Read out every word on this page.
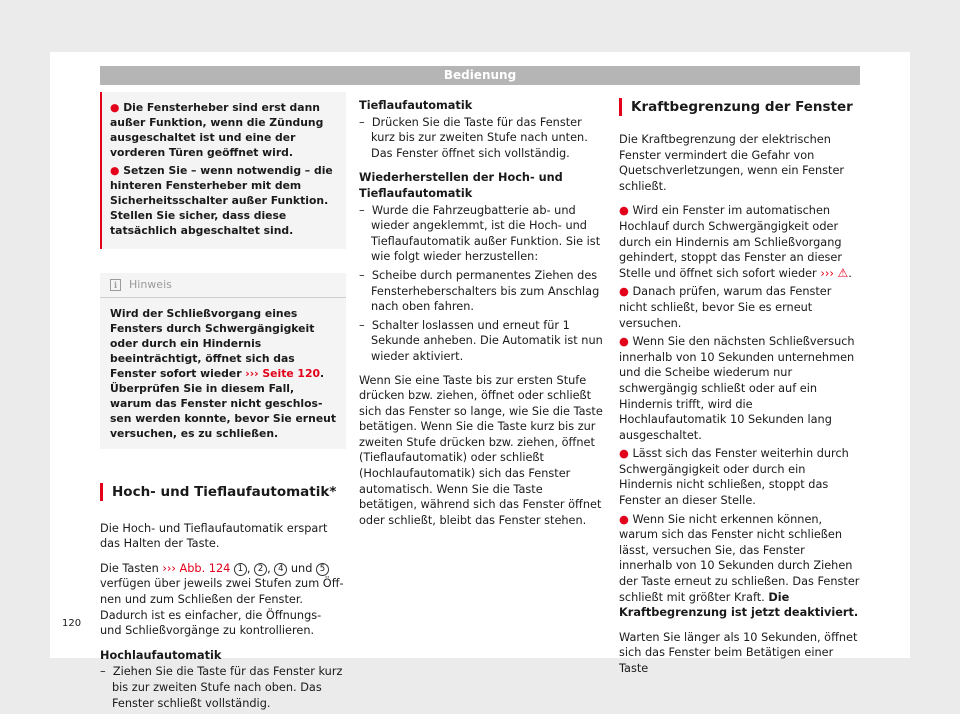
Bedienung
● Die Fensterheber sind erst dann außer Funktion, wenn die Zündung ausgeschaltet ist und eine der vorderen Türen geöffnet wird.
● Setzen Sie – wenn notwendig – die hinteren Fensterheber mit dem Sicherheitsschalter außer Funktion. Stellen Sie sicher, dass diese tatsächlich abgeschaltet sind.
i	Hinweis
Wird der Schließvorgang eines Fensters durch Schwergängigkeit oder durch ein Hindernis beeinträchtigt, öffnet sich das Fenster sofort wieder ››› Seite 120. Überprüfen Sie in diesem Fall, warum das Fenster nicht geschlossen werden konnte, bevor Sie erneut versuchen, es zu schließen.
Hoch- und Tieflaufautomatik*

Die Hoch- und Tieflaufautomatik erspart das Halten der Taste.

Die Tasten ››› Abb. 124 1 , 2 , 4 und 5 verfügen über jeweils zwei Stufen zum Öffnen und zum Schließen der Fenster. Dadurch ist es einfacher, die Öffnungs- und Schließvorgänge zu kontrollieren.

Hochlaufautomatik
–  Ziehen Sie die Taste für das Fenster kurz bis zur zweiten Stufe nach oben. Das Fenster schließt vollständig.
Tieflaufautomatik
–  Drücken Sie die Taste für das Fenster kurz bis zur zweiten Stufe nach unten. Das Fenster öffnet sich vollständig.
Wiederherstellen der Hoch- und Tieflaufautomatik
–  Wurde die Fahrzeugbatterie ab- und wieder angeklemmt, ist die Hoch- und Tieflaufautomatik außer Funktion. Sie ist wie folgt wieder herzustellen:
–  Scheibe durch permanentes Ziehen des Fensterheberschalters bis zum Anschlag nach oben fahren.
–  Schalter loslassen und erneut für 1 Sekunde anheben. Die Automatik ist nun wieder aktiviert.

Wenn Sie eine Taste bis zur ersten Stufe drücken bzw. ziehen, öffnet oder schließt sich das Fenster so lange, wie Sie die Taste betätigen. Wenn Sie die Taste kurz bis zur zweiten Stufe drücken bzw. ziehen, öffnet (Tieflaufautomatik) oder schließt (Hochlaufautomatik) sich das Fenster automatisch. Wenn Sie die Taste betätigen, während sich das Fenster öffnet oder schließt, bleibt das Fenster stehen.

Kraftbegrenzung der Fenster

Die Kraftbegrenzung der elektrischen Fenster vermindert die Gefahr von Quetschverletzungen, wenn ein Fenster schließt.

● Wird ein Fenster im automatischen Hochlauf durch Schwergängigkeit oder durch ein Hindernis am Schließvorgang gehindert, stoppt das Fenster an dieser Stelle und öffnet sich sofort wieder ››› ⚠.
● Danach prüfen, warum das Fenster nicht schließt, bevor Sie es erneut versuchen.
● Wenn Sie den nächsten Schließversuch innerhalb von 10 Sekunden unternehmen und die Scheibe wiederum nur schwergängig schließt oder auf ein Hindernis trifft, wird die Hochlaufautomatik 10 Sekunden lang ausgeschaltet.
● Lässt sich das Fenster weiterhin durch Schwergängigkeit oder durch ein Hindernis nicht schließen, stoppt das Fenster an dieser Stelle.
● Wenn Sie nicht erkennen können, warum sich das Fenster nicht schließen lässt, versuchen Sie, das Fenster innerhalb von 10 Sekunden durch Ziehen der Taste erneut zu schließen. Das Fenster schließt mit größter Kraft. Die Kraftbegrenzung ist jetzt deaktiviert.

Warten Sie länger als 10 Sekunden, öffnet sich das Fenster beim Betätigen einer Taste

120
